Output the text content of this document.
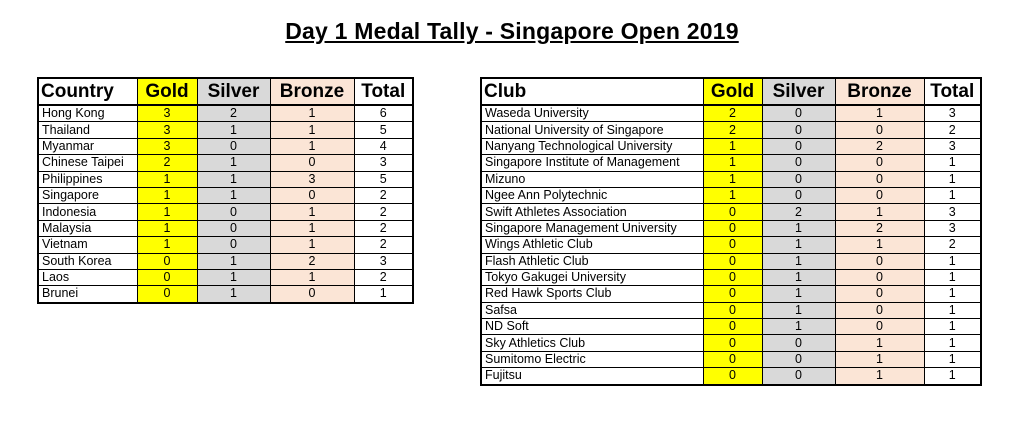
Day 1 Medal Tally - Singapore Open 2019
Country	Gold	Silver	Bronze	Total
Hong Kong	3	2	1	6
Thailand	3	1	1	5
Myanmar	3	0	1	4
Chinese Taipei	2	1	0	3
Philippines	1	1	3	5
Singapore	1	1	0	2
Indonesia	1	0	1	2
Malaysia	1	0	1	2
Vietnam	1	0	1	2
South Korea	0	1	2	3
Laos	0	1	1	2
Brunei	0	1	0	1
Club	Gold	Silver	Bronze	Total
Waseda University	2	0	1	3
National University of Singapore	2	0	0	2
Nanyang Technological University	1	0	2	3
Singapore Institute of Management	1	0	0	1
Mizuno	1	0	0	1
Ngee Ann Polytechnic	1	0	0	1
Swift Athletes Association	0	2	1	3
Singapore Management University	0	1	2	3
Wings Athletic Club	0	1	1	2
Flash Athletic Club	0	1	0	1
Tokyo Gakugei University	0	1	0	1
Red Hawk Sports Club	0	1	0	1
Safsa	0	1	0	1
ND Soft	0	1	0	1
Sky Athletics Club	0	0	1	1
Sumitomo Electric	0	0	1	1
Fujitsu	0	0	1	1
